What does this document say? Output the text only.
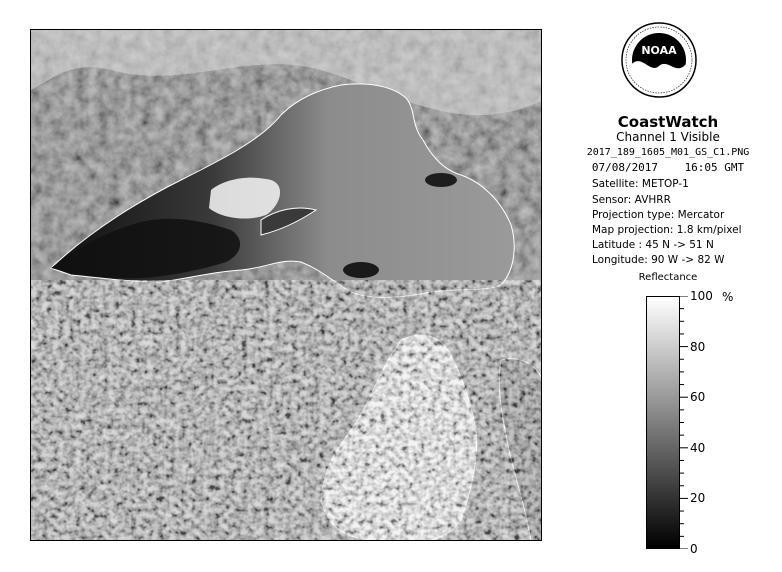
NOAA
CoastWatch
Channel 1 Visible
2017_189_1605_M01_GS_C1.PNG
07/08/2017 16:05 GMT
Satellite: METOP-1
Sensor: AVHRR
Projection type: Mercator
Map projection: 1.8 km/pixel
Latitude : 45 N -> 51 N
Longitude: 90 W -> 82 W
Reflectance
%
100
80
60
40
20
0
